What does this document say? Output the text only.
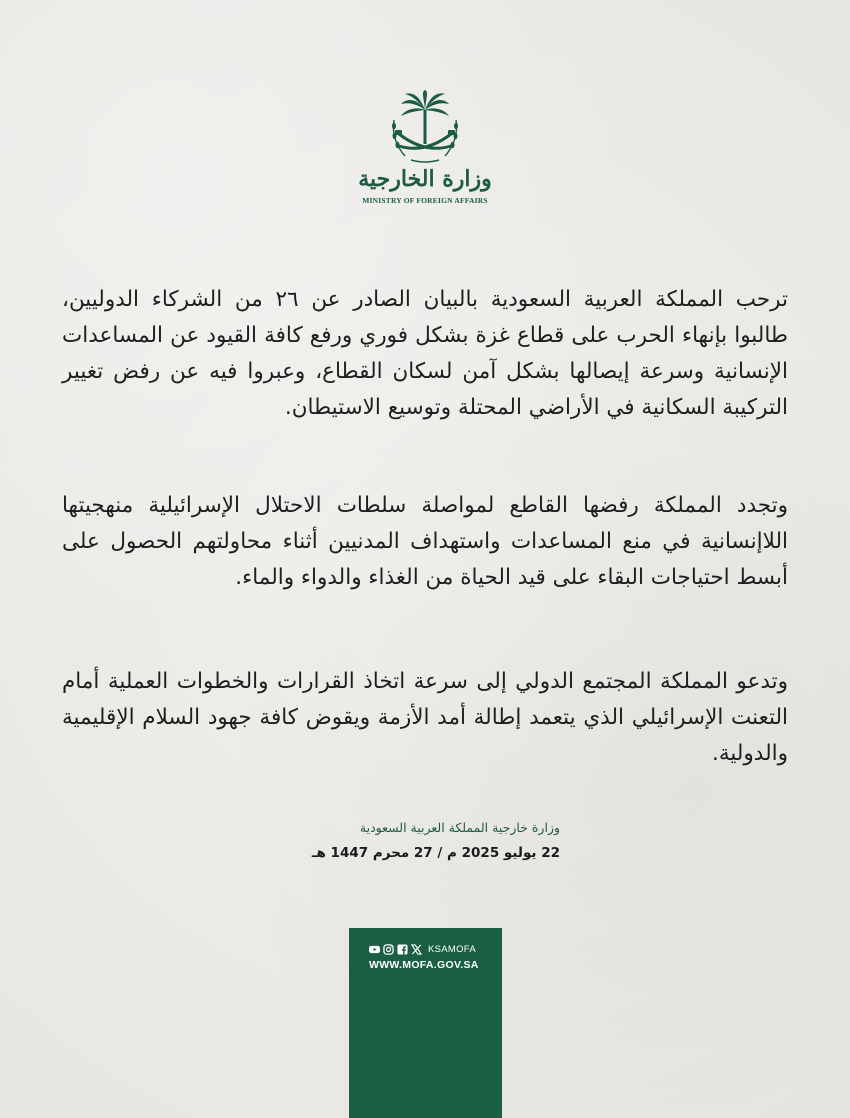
وزارة الخارجية
MINISTRY OF FOREIGN AFFAIRS

ترحب المملكة العربية السعودية بالبيان الصادر عن ٢٦ من الشركاء الدوليين، طالبوا بإنهاء الحرب على قطاع غزة بشكل فوري ورفع كافة القيود عن المساعدات الإنسانية وسرعة إيصالها بشكل آمن لسكان القطاع، وعبروا فيه عن رفض تغيير التركيبة السكانية في الأراضي المحتلة وتوسيع الاستيطان.

وتجدد المملكة رفضها القاطع لمواصلة سلطات الاحتلال الإسرائيلية منهجيتها اللاإنسانية في منع المساعدات واستهداف المدنيين أثناء محاولتهم الحصول على أبسط احتياجات البقاء على قيد الحياة من الغذاء والدواء والماء.

وتدعو المملكة المجتمع الدولي إلى سرعة اتخاذ القرارات والخطوات العملية أمام التعنت الإسرائيلي الذي يتعمد إطالة أمد الأزمة ويقوض كافة جهود السلام الإقليمية والدولية.

وزارة خارجية المملكة العربية السعودية
22 يوليو 2025 م / 27 محرم 1447 هـ
KSAMOFA
WWW.MOFA.GOV.SA
